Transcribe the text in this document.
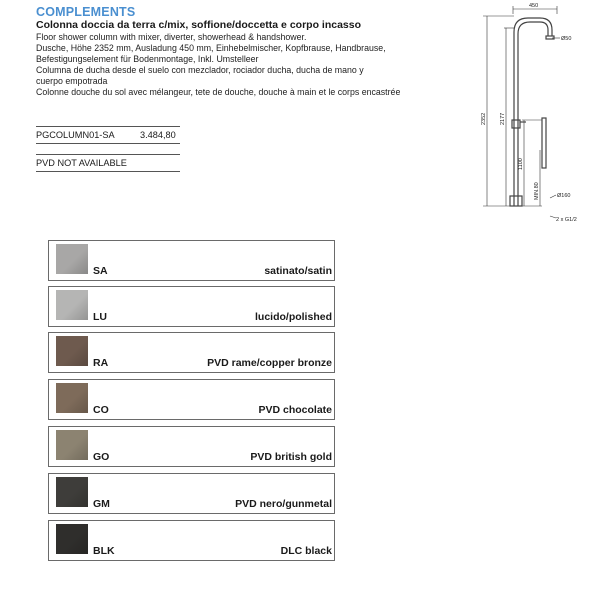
COMPLEMENTS
Colonna doccia da terra c/mix, soffione/doccetta e corpo incasso
Floor shower column with mixer, diverter, showerhead & handshower.
Dusche, Höhe 2352 mm, Ausladung 450 mm, Einhebelmischer, Kopfbrause, Handbrause,
Befestigungselement für Bodenmontage, Inkl. Umstelleer
Columna de ducha desde el suelo con mezclador, rociador ducha, ducha de mano y
cuerpo empotrada
Colonne douche du sol avec mélangeur, tete de douche, douche à main et le corps encastrée
PGCOLUMN01-SA	3.484,80
PVD NOT AVAILABLE
450
Ø50
2352 2177
1100
MIN.80	Ø160
2 x G1/2
SA	satinato/satin
LU	lucido/polished
RA	PVD rame/copper bronze
CO	PVD chocolate
GO	PVD british gold
GM	PVD nero/gunmetal
BLK	DLC black
